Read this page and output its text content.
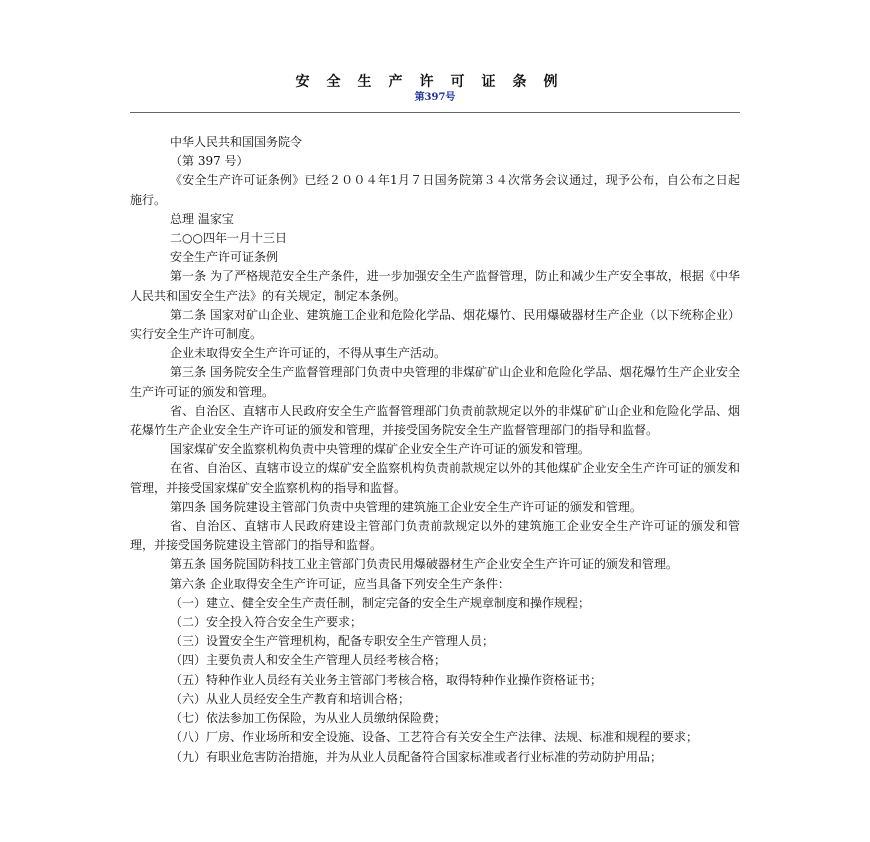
安全生产许可证条例
第397号

中华人民共和国国务院令

（第 397 号）

《安全生产许可证条例》已经２００４年1月７日国务院第３４次常务会议通过，现予公布，自公布之日起施行。

总理 温家宝

二○○四年一月十三日

安全生产许可证条例

第一条 为了严格规范安全生产条件，进一步加强安全生产监督管理，防止和减少生产安全事故，根据《中华人民共和国安全生产法》的有关规定，制定本条例。

第二条 国家对矿山企业、建筑施工企业和危险化学品、烟花爆竹、民用爆破器材生产企业（以下统称企业）实行安全生产许可制度。

企业未取得安全生产许可证的，不得从事生产活动。

第三条 国务院安全生产监督管理部门负责中央管理的非煤矿矿山企业和危险化学品、烟花爆竹生产企业安全生产许可证的颁发和管理。

省、自治区、直辖市人民政府安全生产监督管理部门负责前款规定以外的非煤矿矿山企业和危险化学品、烟花爆竹生产企业安全生产许可证的颁发和管理，并接受国务院安全生产监督管理部门的指导和监督。

国家煤矿安全监察机构负责中央管理的煤矿企业安全生产许可证的颁发和管理。

在省、自治区、直辖市设立的煤矿安全监察机构负责前款规定以外的其他煤矿企业安全生产许可证的颁发和管理，并接受国家煤矿安全监察机构的指导和监督。

第四条 国务院建设主管部门负责中央管理的建筑施工企业安全生产许可证的颁发和管理。

省、自治区、直辖市人民政府建设主管部门负责前款规定以外的建筑施工企业安全生产许可证的颁发和管理，并接受国务院建设主管部门的指导和监督。

第五条 国务院国防科技工业主管部门负责民用爆破器材生产企业安全生产许可证的颁发和管理。

第六条 企业取得安全生产许可证，应当具备下列安全生产条件：

（一）建立、健全安全生产责任制，制定完备的安全生产规章制度和操作规程；

（二）安全投入符合安全生产要求；

（三）设置安全生产管理机构，配备专职安全生产管理人员；

（四）主要负责人和安全生产管理人员经考核合格；

（五）特种作业人员经有关业务主管部门考核合格，取得特种作业操作资格证书；

（六）从业人员经安全生产教育和培训合格；

（七）依法参加工伤保险，为从业人员缴纳保险费；

（八）厂房、作业场所和安全设施、设备、工艺符合有关安全生产法律、法规、标准和规程的要求；

（九）有职业危害防治措施，并为从业人员配备符合国家标准或者行业标准的劳动防护用品；
